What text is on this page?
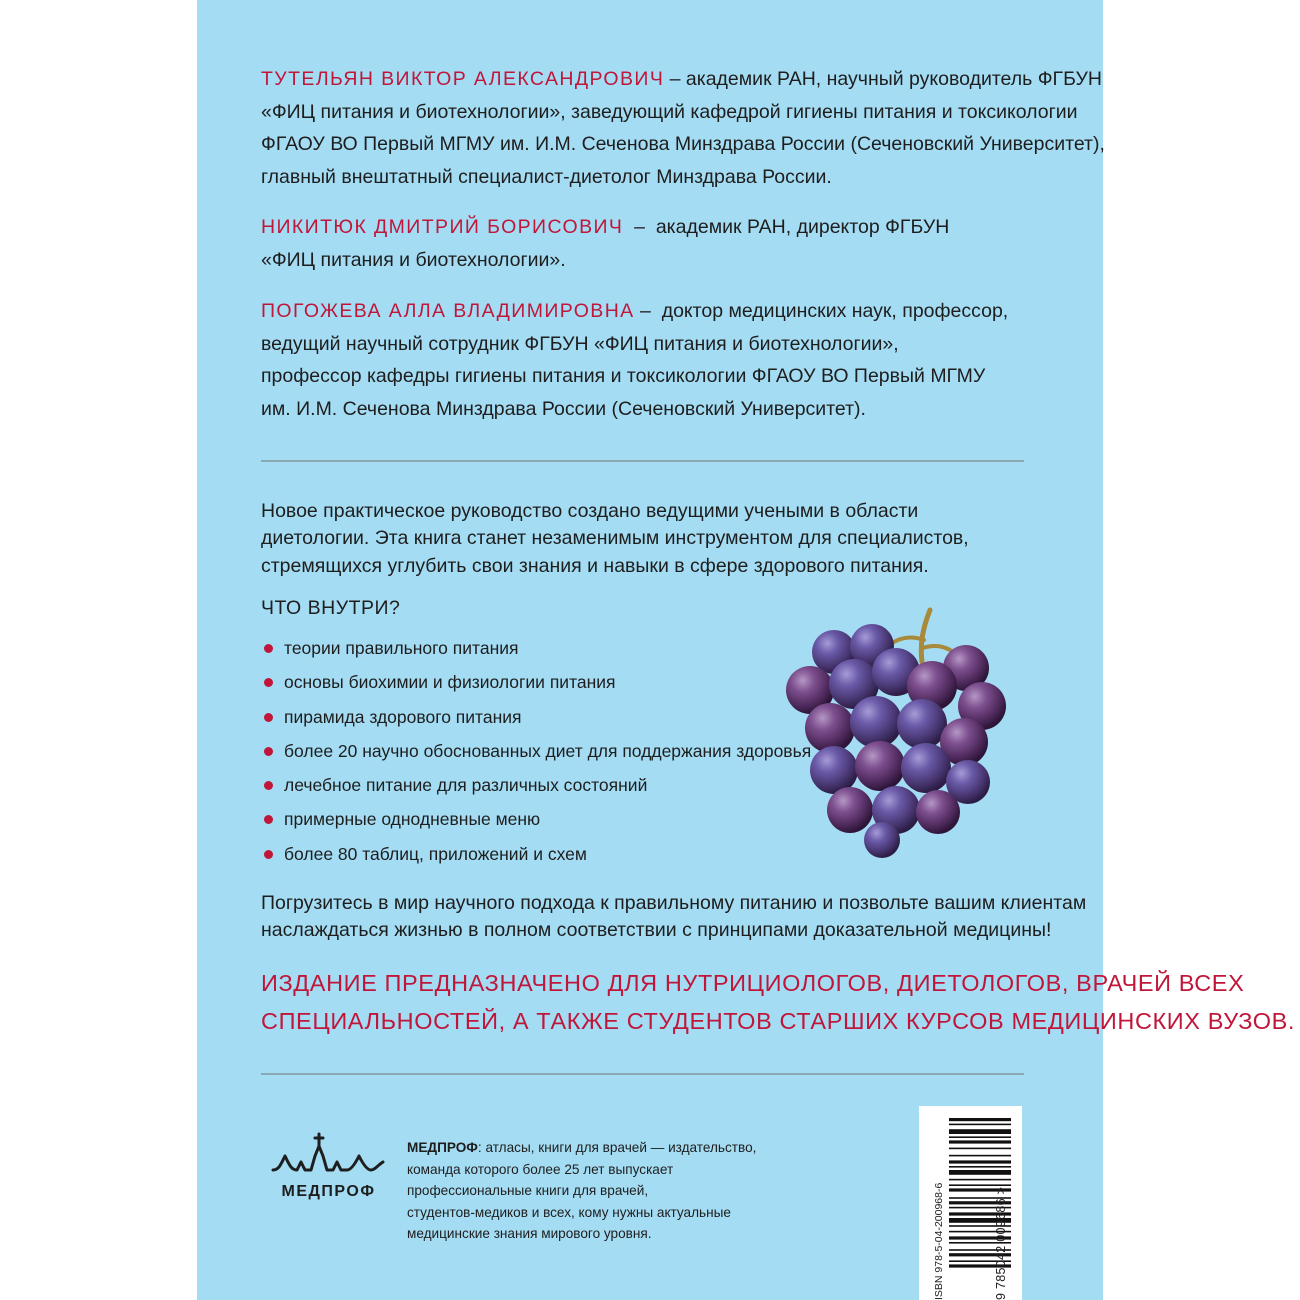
ТУТЕЛЬЯН ВИКТОР АЛЕКСАНДРОВИЧ – академик РАН, научный руководитель ФГБУН
«ФИЦ питания и биотехнологии», заведующий кафедрой гигиены питания и токсикологии
ФГАОУ ВО Первый МГМУ им. И.М. Сеченова Минздрава России (Сеченовский Университет),
главный внештатный специалист-диетолог Минздрава России.
НИКИТЮК ДМИТРИЙ БОРИСОВИЧ  –  академик РАН, директор ФГБУН
«ФИЦ питания и биотехнологии».
ПОГОЖЕВА АЛЛА ВЛАДИМИРОВНА –  доктор медицинских наук, профессор,
ведущий научный сотрудник ФГБУН «ФИЦ питания и биотехнологии»,
профессор кафедры гигиены питания и токсикологии ФГАОУ ВО Первый МГМУ
им. И.М. Сеченова Минздрава России (Сеченовский Университет).
Новое практическое руководство создано ведущими учеными в области
диетологии. Эта книга станет незаменимым инструментом для специалистов,
стремящихся углубить свои знания и навыки в сфере здорового питания.
ЧТО ВНУТРИ?
теории правильного питания
основы биохимии и физиологии питания
пирамида здорового питания
более 20 научно обоснованных диет для поддержания здоровья
лечебное питание для различных состояний
примерные однодневные меню
более 80 таблиц, приложений и схем
Погрузитесь в мир научного подхода к правильному питанию и позвольте вашим клиентам
наслаждаться жизнью в полном соответствии с принципами доказательной медицины!
ИЗДАНИЕ ПРЕДНАЗНАЧЕНО ДЛЯ НУТРИЦИОЛОГОВ, ДИЕТОЛОГОВ, ВРАЧЕЙ ВСЕХ
СПЕЦИАЛЬНОСТЕЙ, А ТАКЖЕ СТУДЕНТОВ СТАРШИХ КУРСОВ МЕДИЦИНСКИХ ВУЗОВ.
МЕДПРОФ
МЕДПРОФ: атласы, книги для врачей — издательство,
команда которого более 25 лет выпускает
профессиональные книги для врачей,
студентов-медиков и всех, кому нужны актуальные
медицинские знания мирового уровня.	ISBN 978-5-04-200968-6	9 785042 009686 >
